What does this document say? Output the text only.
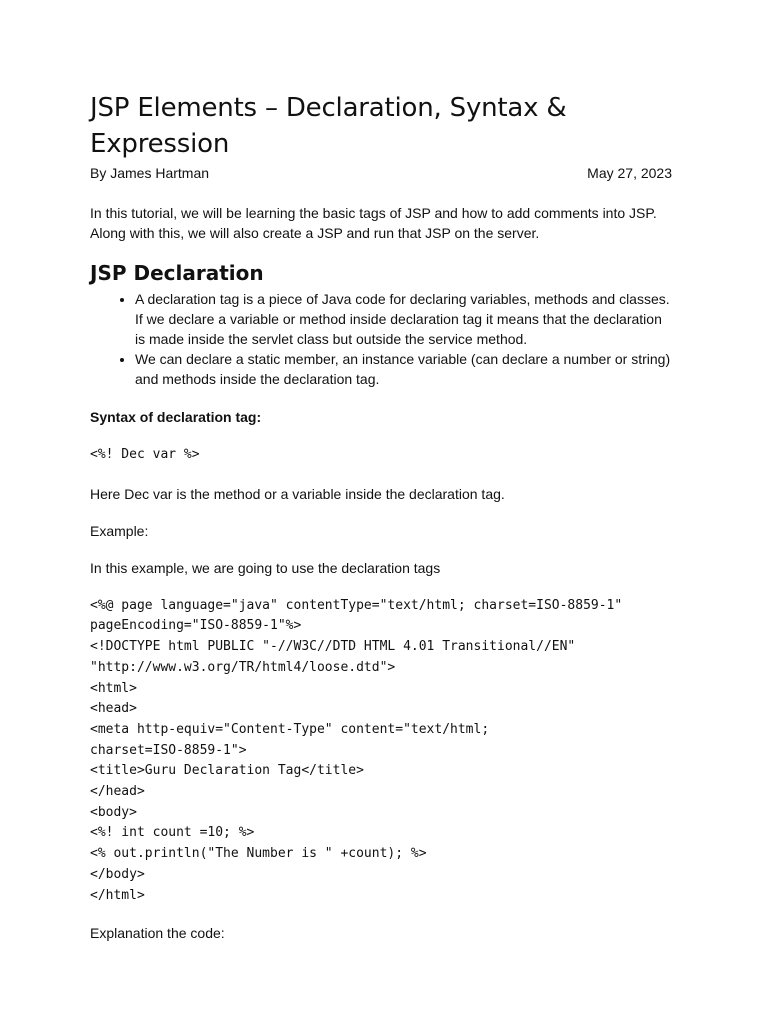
JSP Elements – Declaration, Syntax & Expression
By James Hartman	May 27, 2023

In this tutorial, we will be learning the basic tags of JSP and how to add comments into JSP. Along with this, we will also create a JSP and run that JSP on the server.

JSP Declaration
• A declaration tag is a piece of Java code for declaring variables, methods and classes. If we declare a variable or method inside declaration tag it means that the declaration is made inside the servlet class but outside the service method.
• We can declare a static member, an instance variable (can declare a number or string) and methods inside the declaration tag.

Syntax of declaration tag:

<%! Dec var %>

Here Dec var is the method or a variable inside the declaration tag.

Example:

In this example, we are going to use the declaration tags

<%@ page language="java" contentType="text/html; charset=ISO-8859-1"
pageEncoding="ISO-8859-1"%>
<!DOCTYPE html PUBLIC "-//W3C//DTD HTML 4.01 Transitional//EN"
"http://www.w3.org/TR/html4/loose.dtd">
<html>
<head>
<meta http-equiv="Content-Type" content="text/html;
charset=ISO-8859-1">
<title>Guru Declaration Tag</title>
</head>
<body>
<%! int count =10; %>
<% out.println("The Number is " +count); %>
</body>
</html>

Explanation the code:
